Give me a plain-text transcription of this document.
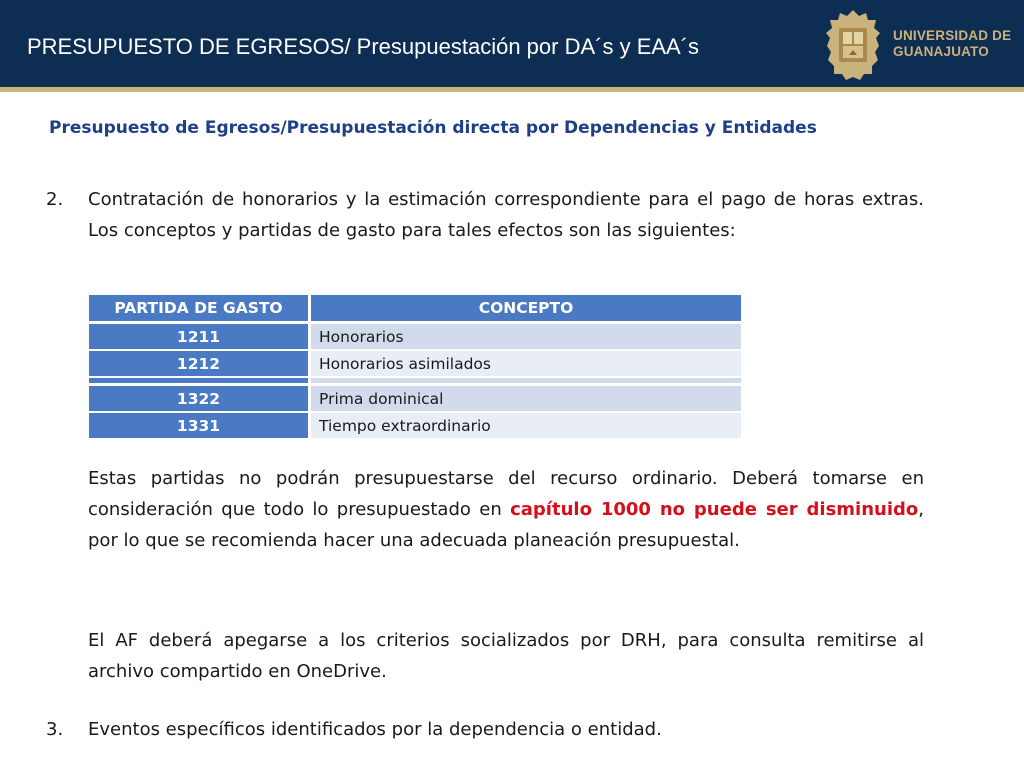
PRESUPUESTO DE EGRESOS/ Presupuestación por DA´s y EAA´s	UNIVERSIDAD DE
GUANAJUATO
Presupuesto de Egresos/Presupuestación directa por Dependencias y Entidades
2. Contratación de honorarios y la estimación correspondiente para el pago de horas extras. Los conceptos y partidas de gasto para tales efectos son las siguientes:
PARTIDA DE GASTO	CONCEPTO
1211	Honorarios
1212	Honorarios asimilados
1322	Prima dominical
1331	Tiempo extraordinario
Estas partidas no podrán presupuestarse del recurso ordinario. Deberá tomarse en consideración que todo lo presupuestado en capítulo 1000 no puede ser disminuido, por lo que se recomienda hacer una adecuada planeación presupuestal.
El AF deberá apegarse a los criterios socializados por DRH, para consulta remitirse al archivo compartido en OneDrive.
3. Eventos específicos identificados por la dependencia o entidad.
